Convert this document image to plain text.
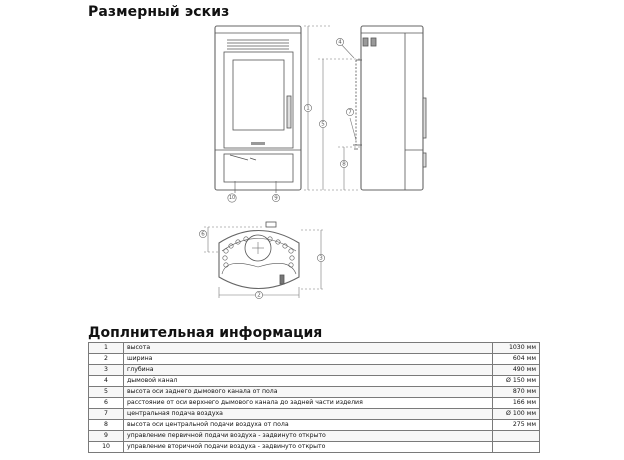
Размерный эскиз
1
5
4
7
8
10	9
3
2
6
Доплнительная информация
1	высота	1030 мм
2	ширина	604 мм
3	глубина	490 мм
4	дымовой канал	Ø 150 мм
5	высота оси заднего дымового канала от пола	870 мм
6	расстояние от оси верхнего дымового канала до задней части изделия	166 мм
7	центральная подача воздуха	Ø 100 мм
8	высота оси центральной подачи воздуха от пола	275 мм
9	управление первичной подачи воздуха - задвинуто открыто	
10	управление вторичной подачи воздуха - задвинуто открыто	
